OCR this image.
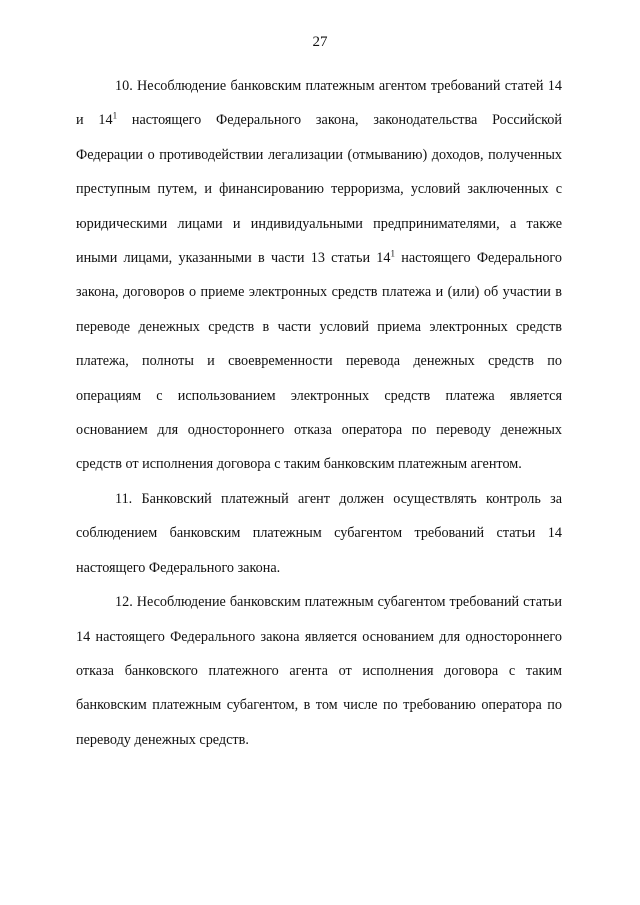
27

10. Несоблюдение банковским платежным агентом требований статей 14 и $14^1$ настоящего Федерального закона, законодательства Российской Федерации о противодействии легализации (отмыванию) доходов, полученных преступным путем, и финансированию терроризма, условий заключенных с юридическими лицами и индивидуальными предпринимателями, а также иными лицами, указанными в части 13 статьи $14^1$ настоящего Федерального закона, договоров о приеме электронных средств платежа и (или) об участии в переводе денежных средств в части условий приема электронных средств платежа, полноты и своевременности перевода денежных средств по операциям с использованием электронных средств платежа является основанием для одностороннего отказа оператора по переводу денежных средств от исполнения договора с таким банковским платежным агентом.

11. Банковский платежный агент должен осуществлять контроль за соблюдением банковским платежным субагентом требований статьи 14 настоящего Федерального закона.

12. Несоблюдение банковским платежным субагентом требований статьи 14 настоящего Федерального закона является основанием для одностороннего отказа банковского платежного агента от исполнения договора с таким банковским платежным субагентом, в том числе по требованию оператора по переводу денежных средств.
